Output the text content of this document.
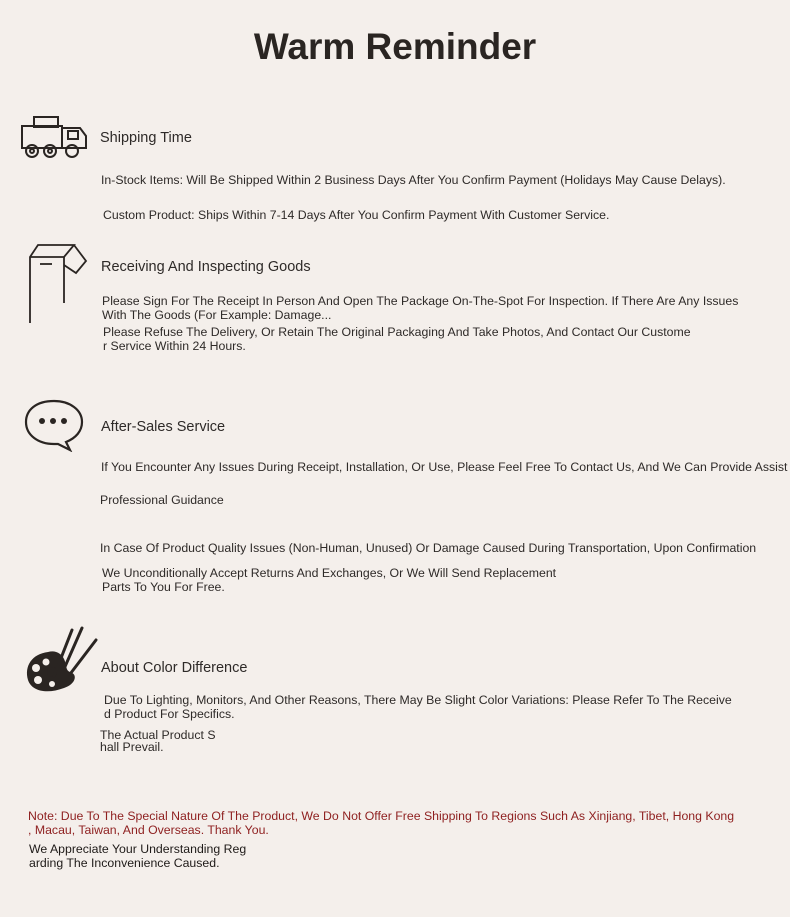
Warm Reminder
Shipping Time
In-Stock Items: Will Be Shipped Within 2 Business Days After You Confirm Payment (Holidays May Cause Delays).
Custom Product: Ships Within 7-14 Days After You Confirm Payment With Customer Service.
Receiving And Inspecting Goods
Please Sign For The Receipt In Person And Open The Package On-The-Spot For Inspection. If There Are Any Issues
With The Goods (For Example: Damage...
Please Refuse The Delivery, Or Retain The Original Packaging And Take Photos, And Contact Our Custome
r Service Within 24 Hours.
After-Sales Service
If You Encounter Any Issues During Receipt, Installation, Or Use, Please Feel Free To Contact Us, And We Can Provide Assist
Professional Guidance
In Case Of Product Quality Issues (Non-Human, Unused) Or Damage Caused During Transportation, Upon Confirmation
We Unconditionally Accept Returns And Exchanges, Or We Will Send Replacement
Parts To You For Free.
About Color Difference
Due To Lighting, Monitors, And Other Reasons, There May Be Slight Color Variations: Please Refer To The Receive
d Product For Specifics.
The Actual Product S
hall Prevail.
Note: Due To The Special Nature Of The Product, We Do Not Offer Free Shipping To Regions Such As Xinjiang, Tibet, Hong Kong
, Macau, Taiwan, And Overseas. Thank You.
We Appreciate Your Understanding Reg
arding The Inconvenience Caused.
